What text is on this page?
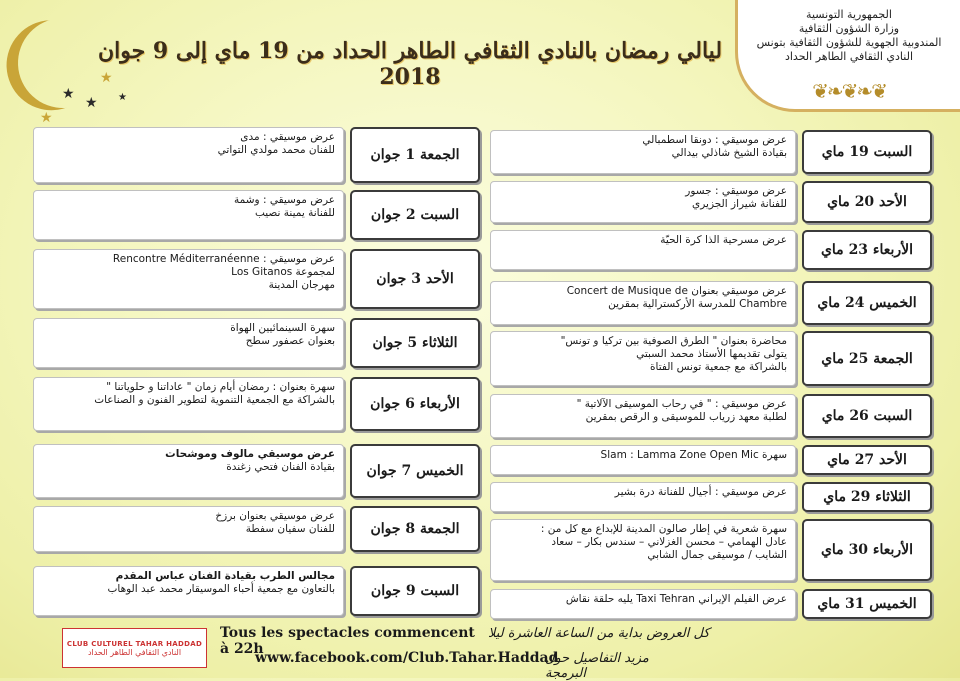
★
★
★
★
★
الجمهورية التونسية
وزارة الشؤون الثقافية
المندوبية الجهوية للشؤون الثقافية بتونس
النادي الثقافي الطاهر الحداد
❦❧❦❧❦
ليالي رمضان بالنادي الثقافي الطاهر الحداد من 19 ماي إلى 9 جوان 2018
السبت 19 ماي
عرض موسيقي : دونقا اسطمبالي
بقيادة الشيخ شاذلي بيدالي
الأحد 20 ماي
عرض موسيقي : جسور
للفنانة شيراز الجزيري
الأربعاء 23 ماي
عرض مسرحية الذا كرة الحيّة
الخميس 24 ماي
عرض موسيقي بعنوان Concert de Musique de
Chambre للمدرسة الأركسترالية بمقرين
الجمعة 25 ماي
محاضرة بعنوان " الطرق الصوفية بين تركيا و تونس"
يتولى تقديمها الأستاذ محمد السبتي
بالشراكة مع جمعية تونس الفتاة
السبت 26 ماي
عرض موسيقي : " في رحاب الموسيقى الآلاتية "
لطلبة معهد زرياب للموسيقى و الرقص بمقرين
الأحد 27 ماي
سهرة Slam : Lamma Zone Open Mic
الثلاثاء 29 ماي
عرض موسيقي : أجيال للفنانة درة بشير
الأربعاء 30 ماي
سهرة شعرية في إطار صالون المدينة للإبداع مع كل من :
عادل الهمامي – محسن الغزلاني – سندس بكار – سعاد
الشايب / موسيقى جمال الشابي
الخميس 31 ماي
عرض الفيلم الإيراني Taxi Tehran يليه حلقة نقاش
الجمعة 1 جوان
عرض موسيقي : مدى
للفنان محمد مولدي التواتي
السبت 2 جوان
عرض موسيقي : وشمة
للفنانة يمينة نصيب
الأحد 3 جوان
عرض موسيقي : Rencontre Méditerranéenne
لمجموعة Los Gitanos
مهرجان المدينة
الثلاثاء 5 جوان
سهرة السينمائيين الهواة
بعنوان عصفور سطح
الأربعاء 6 جوان
سهرة بعنوان : رمضان أيام زمان " عاداتنا و حلوياتنا "
بالشراكة مع الجمعية التنموية لتطوير الفنون و الصناعات
الخميس 7 جوان
عرض موسيقي مالوف وموشحات
بقيادة الفنان فتحي زغندة
الجمعة 8 جوان
عرض موسيقي بعنوان برزخ
للفنان سفيان سفطة
السبت 9 جوان
مجالس الطرب بقيادة الفنان عباس المقدم
بالتعاون مع جمعية أحباء الموسيقار محمد عبد الوهاب
CLUB CULTUREL TAHAR HADDAD
النادي الثقافي الطاهر الحداد
Tous les spectacles commencent à 22h
كل العروض بداية من الساعة العاشرة ليلا
www.facebook.com/Club.Tahar.Haddad
مزيد التفاصيل حول البرمجة
